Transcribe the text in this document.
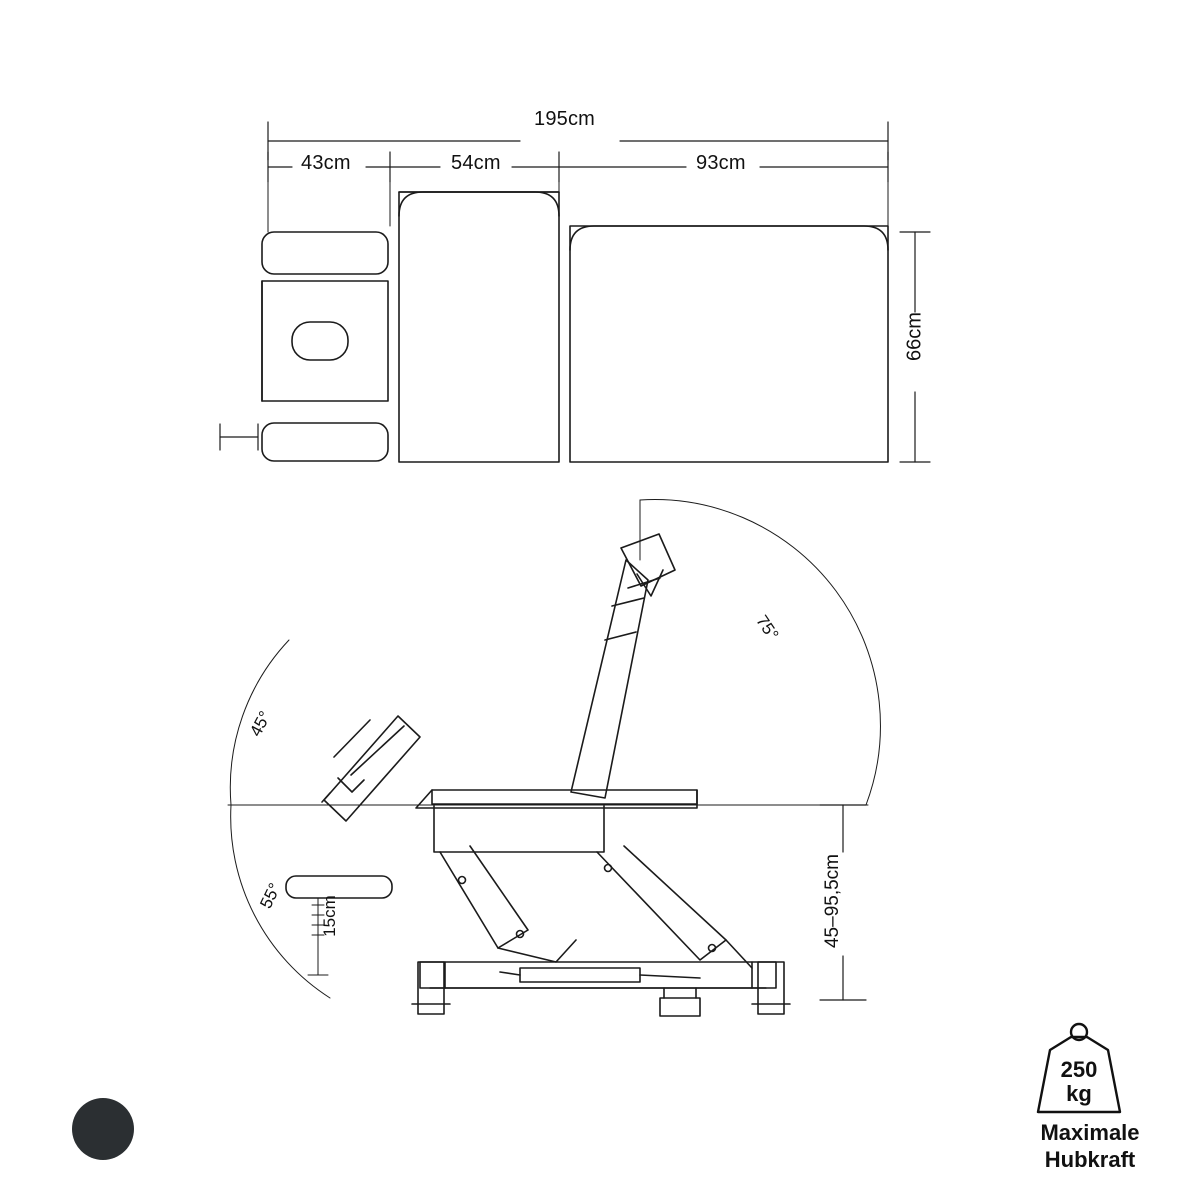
195cm
43cm	54cm	93cm
66cm
75°
45°
55° 15cm	45–95,5cm
250
kg
Maximale
Hubkraft
